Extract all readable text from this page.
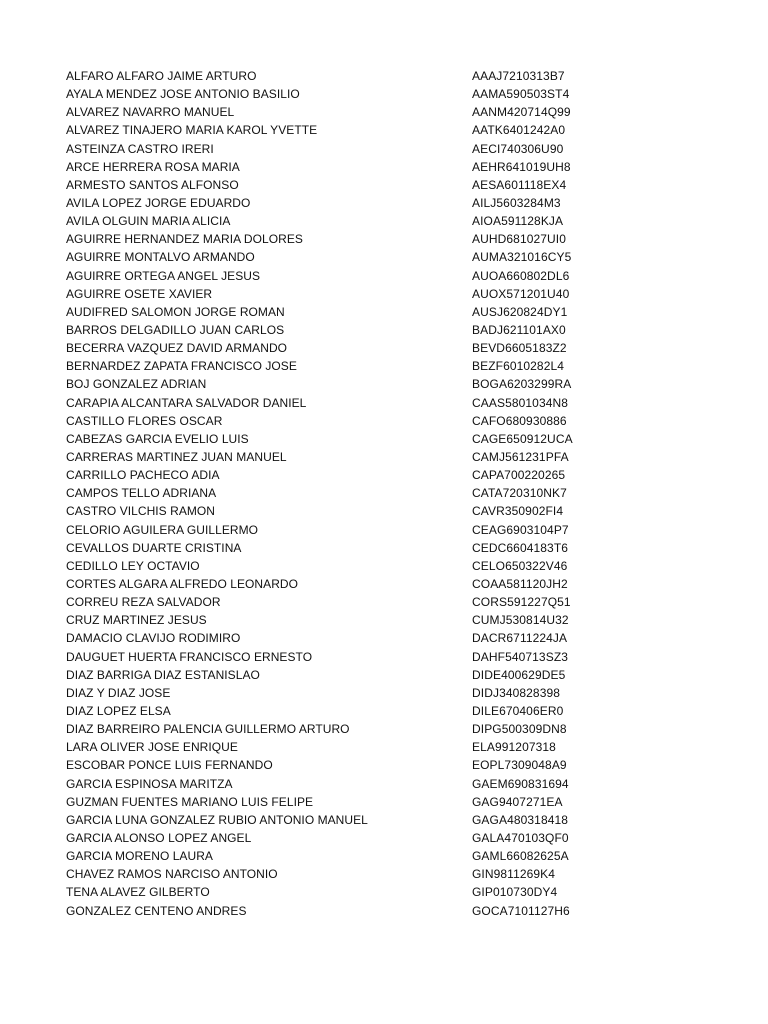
ALFARO ALFARO JAIME ARTURO	AAAJ7210313B7
AYALA MENDEZ JOSE ANTONIO BASILIO	AAMA590503ST4
ALVAREZ NAVARRO MANUEL	AANM420714Q99
ALVAREZ TINAJERO MARIA KAROL YVETTE	AATK6401242A0
ASTEINZA CASTRO IRERI	AECI740306U90
ARCE HERRERA ROSA MARIA	AEHR641019UH8
ARMESTO SANTOS ALFONSO	AESA601118EX4
AVILA LOPEZ JORGE EDUARDO	AILJ5603284M3
AVILA OLGUIN MARIA ALICIA	AIOA591128KJA
AGUIRRE HERNANDEZ MARIA DOLORES	AUHD681027UI0
AGUIRRE MONTALVO ARMANDO	AUMA321016CY5
AGUIRRE ORTEGA ANGEL JESUS	AUOA660802DL6
AGUIRRE OSETE XAVIER	AUOX571201U40
AUDIFRED SALOMON JORGE ROMAN	AUSJ620824DY1
BARROS DELGADILLO JUAN CARLOS	BADJ621101AX0
BECERRA VAZQUEZ DAVID ARMANDO	BEVD6605183Z2
BERNARDEZ ZAPATA FRANCISCO JOSE	BEZF6010282L4
BOJ GONZALEZ ADRIAN	BOGA6203299RA
CARAPIA ALCANTARA SALVADOR DANIEL	CAAS5801034N8
CASTILLO FLORES OSCAR	CAFO680930886
CABEZAS GARCIA EVELIO LUIS	CAGE650912UCA
CARRERAS MARTINEZ JUAN MANUEL	CAMJ561231PFA
CARRILLO PACHECO ADIA	CAPA700220265
CAMPOS TELLO ADRIANA	CATA720310NK7
CASTRO VILCHIS RAMON	CAVR350902FI4
CELORIO AGUILERA GUILLERMO	CEAG6903104P7
CEVALLOS DUARTE CRISTINA	CEDC6604183T6
CEDILLO LEY OCTAVIO	CELO650322V46
CORTES ALGARA ALFREDO LEONARDO	COAA581120JH2
CORREU REZA SALVADOR	CORS591227Q51
CRUZ MARTINEZ JESUS	CUMJ530814U32
DAMACIO CLAVIJO RODIMIRO	DACR6711224JA
DAUGUET HUERTA FRANCISCO ERNESTO	DAHF540713SZ3
DIAZ BARRIGA DIAZ ESTANISLAO	DIDE400629DE5
DIAZ Y DIAZ JOSE	DIDJ340828398
DIAZ LOPEZ ELSA	DILE670406ER0
DIAZ BARREIRO PALENCIA GUILLERMO ARTURO	DIPG500309DN8
LARA OLIVER JOSE ENRIQUE	ELA991207318
ESCOBAR PONCE LUIS FERNANDO	EOPL7309048A9
GARCIA ESPINOSA MARITZA	GAEM690831694
GUZMAN FUENTES MARIANO LUIS FELIPE	GAG9407271EA
GARCIA LUNA GONZALEZ RUBIO ANTONIO MANUEL	GAGA480318418
GARCIA ALONSO LOPEZ ANGEL	GALA470103QF0
GARCIA MORENO LAURA	GAML66082625A
CHAVEZ RAMOS NARCISO ANTONIO	GIN9811269K4
TENA ALAVEZ GILBERTO	GIP010730DY4
GONZALEZ CENTENO ANDRES	GOCA7101127H6
